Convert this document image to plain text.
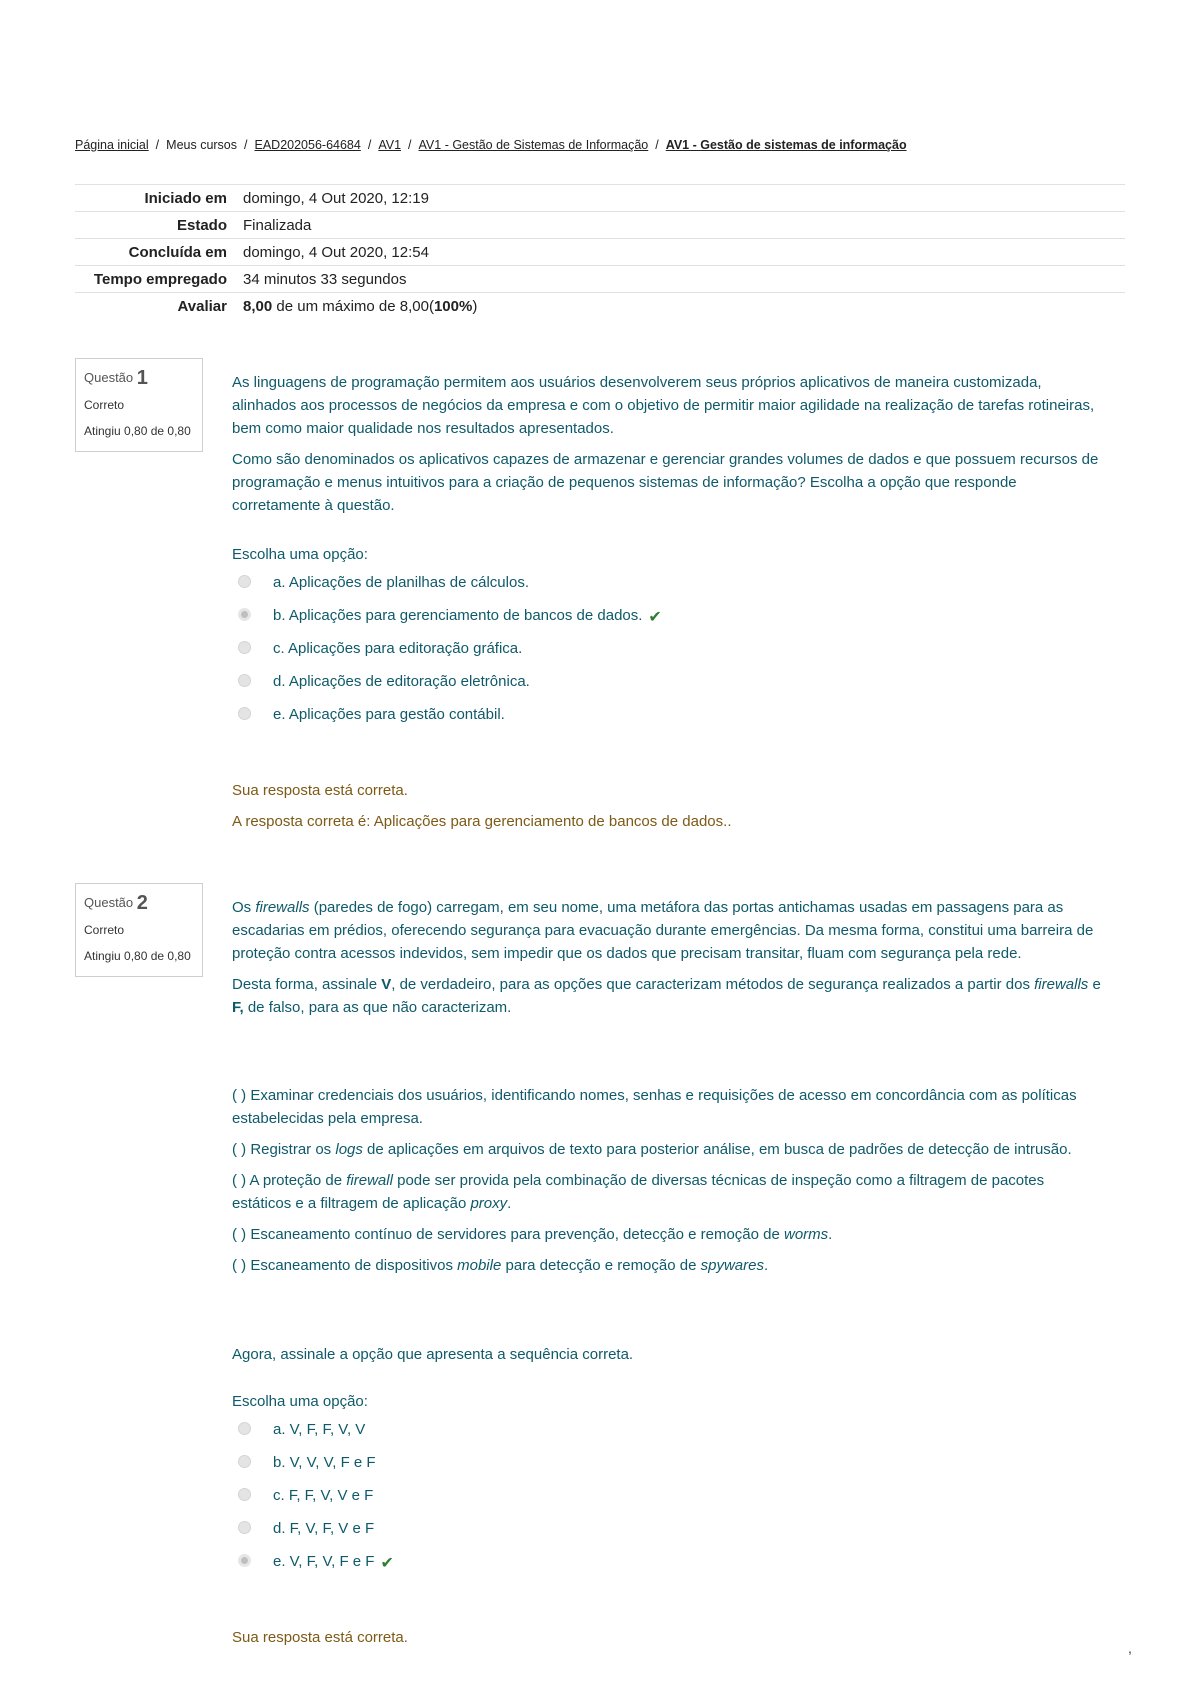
Página inicial / Meus cursos / EAD202056-64684 / AV1 / AV1 - Gestão de Sistemas de Informação / AV1 - Gestão de sistemas de informação
Iniciado em	domingo, 4 Out 2020, 12:19
Estado	Finalizada
Concluída em	domingo, 4 Out 2020, 12:54
Tempo empregado	34 minutos 33 segundos
Avaliar	8,00 de um máximo de 8,00(100%)
Questão 1
Correto
Atingiu 0,80 de 0,80

As linguagens de programação permitem aos usuários desenvolverem seus próprios aplicativos de maneira customizada, alinhados aos processos de negócios da empresa e com o objetivo de permitir maior agilidade na realização de tarefas rotineiras, bem como maior qualidade nos resultados apresentados.

Como são denominados os aplicativos capazes de armazenar e gerenciar grandes volumes de dados e que possuem recursos de programação e menus intuitivos para a criação de pequenos sistemas de informação? Escolha a opção que responde corretamente à questão.

Escolha uma opção:
a. Aplicações de planilhas de cálculos.
b. Aplicações para gerenciamento de bancos de dados. ✔
c. Aplicações para editoração gráfica.
d. Aplicações de editoração eletrônica.
e. Aplicações para gestão contábil.
Sua resposta está correta.
A resposta correta é: Aplicações para gerenciamento de bancos de dados..
Questão 2
Correto
Atingiu 0,80 de 0,80

Os firewalls (paredes de fogo) carregam, em seu nome, uma metáfora das portas antichamas usadas em passagens para as escadarias em prédios, oferecendo segurança para evacuação durante emergências. Da mesma forma, constitui uma barreira de proteção contra acessos indevidos, sem impedir que os dados que precisam transitar, fluam com segurança pela rede.

Desta forma, assinale V, de verdadeiro, para as opções que caracterizam métodos de segurança realizados a partir dos firewalls e F, de falso, para as que não caracterizam.

( ) Examinar credenciais dos usuários, identificando nomes, senhas e requisições de acesso em concordância com as políticas estabelecidas pela empresa.

( ) Registrar os logs de aplicações em arquivos de texto para posterior análise, em busca de padrões de detecção de intrusão.

( ) A proteção de firewall pode ser provida pela combinação de diversas técnicas de inspeção como a filtragem de pacotes estáticos e a filtragem de aplicação proxy.

( ) Escaneamento contínuo de servidores para prevenção, detecção e remoção de worms.

( ) Escaneamento de dispositivos mobile para detecção e remoção de spywares.

Agora, assinale a opção que apresenta a sequência correta.
Escolha uma opção:
a. V, F, F, V, V
b. V, V, V, F e F
c. F, F, V, V e F
d. F, V, F, V e F
e. V, F, V, F e F ✔
Sua resposta está correta.
,
